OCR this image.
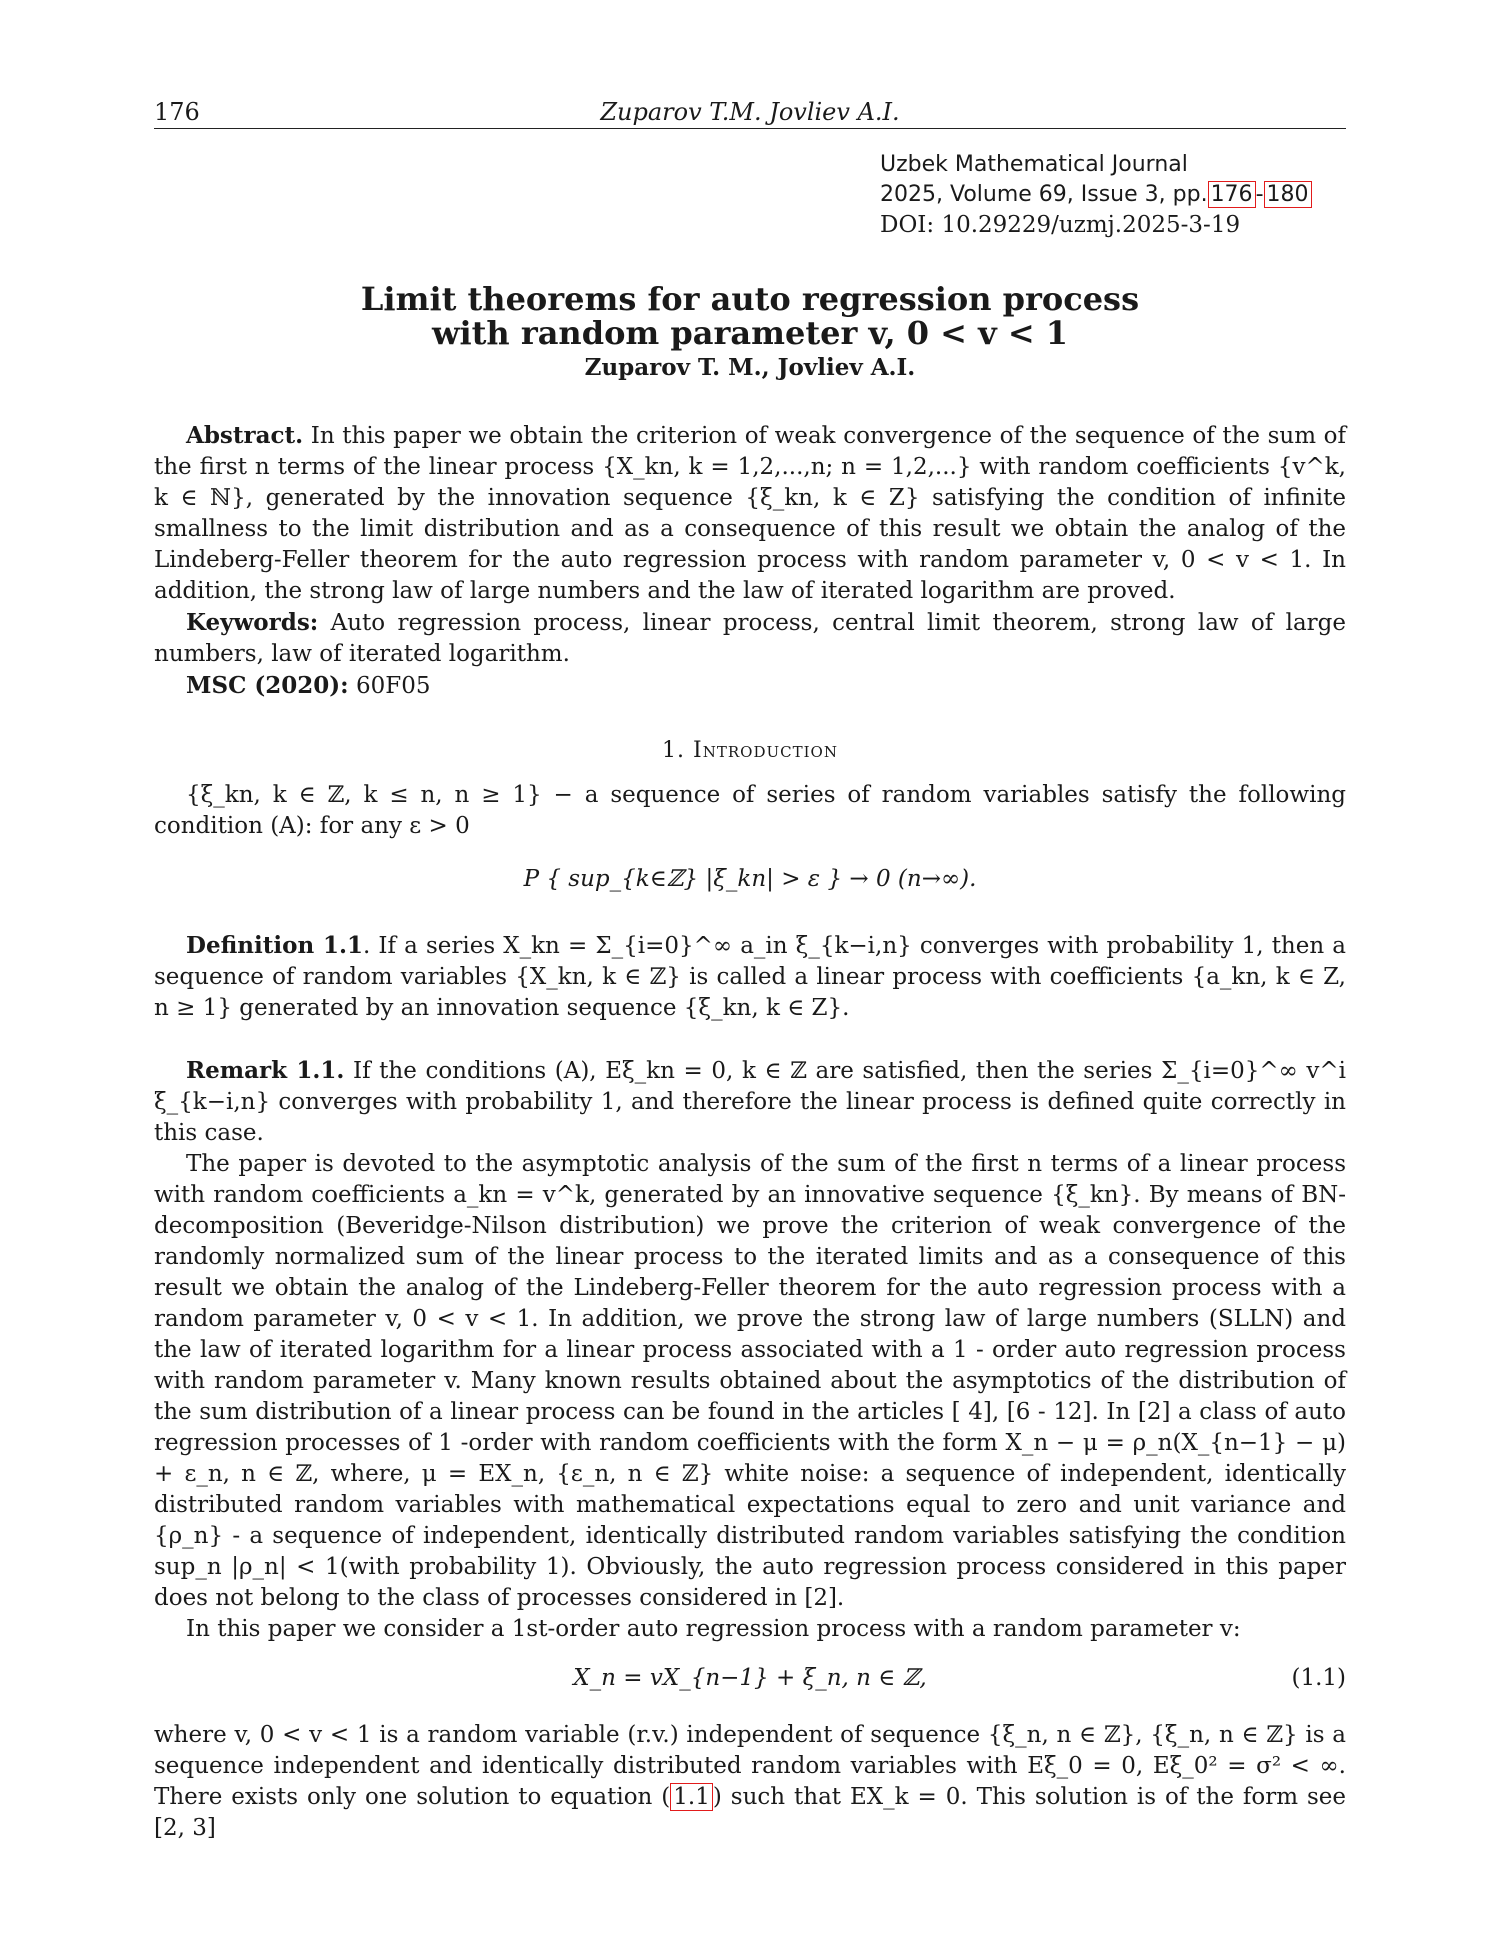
176	Zuparov T.M. Jovliev A.I.
Uzbek Mathematical Journal
2025, Volume 69, Issue 3, pp. 176 - 180
DOI: 10.29229/uzmj.2025-3-19
Limit theorems for auto regression process
with random parameter v, 0 < v < 1
Zuparov T. M., Jovliev A.I.

Abstract. In this paper we obtain the criterion of weak convergence of the sequence of the sum of the first n terms of the linear process {X_kn, k = 1,2,...,n; n = 1,2,...} with random coefficients {v^k, k ∈ ℕ}, generated by the innovation sequence {ξ_kn, k ∈ Z} satisfying the condition of infinite smallness to the limit distribution and as a consequence of this result we obtain the analog of the Lindeberg-Feller theorem for the auto regression process with random parameter v, 0 < v < 1. In addition, the strong law of large numbers and the law of iterated logarithm are proved.

Keywords: Auto regression process, linear process, central limit theorem, strong law of large numbers, law of iterated logarithm.

MSC (2020): 60F05

1. Introduction

{ξ_kn, k ∈ ℤ, k ≤ n, n ≥ 1} − a sequence of series of random variables satisfy the following condition (A): for any ε > 0

P { sup_{k∈ℤ} |ξ_kn| > ε } → 0 (n→∞).

Definition 1.1. If a series X_kn = Σ_{i=0}^∞ a_in ξ_{k−i,n} converges with probability 1, then a sequence of random variables {X_kn, k ∈ ℤ} is called a linear process with coefficients {a_kn, k ∈ Z, n ≥ 1} generated by an innovation sequence {ξ_kn, k ∈ Z}.

Remark 1.1. If the conditions (A), Eξ_kn = 0, k ∈ ℤ are satisfied, then the series Σ_{i=0}^∞ v^i ξ_{k−i,n} converges with probability 1, and therefore the linear process is defined quite correctly in this case.

The paper is devoted to the asymptotic analysis of the sum of the first n terms of a linear process with random coefficients a_kn = v^k, generated by an innovative sequence {ξ_kn}. By means of BN-decomposition (Beveridge-Nilson distribution) we prove the criterion of weak convergence of the randomly normalized sum of the linear process to the iterated limits and as a consequence of this result we obtain the analog of the Lindeberg-Feller theorem for the auto regression process with a random parameter v, 0 < v < 1. In addition, we prove the strong law of large numbers (SLLN) and the law of iterated logarithm for a linear process associated with a 1 - order auto regression process with random parameter v. Many known results obtained about the asymptotics of the distribution of the sum distribution of a linear process can be found in the articles [ 4], [6 - 12]. In [2] a class of auto regression processes of 1 -order with random coefficients with the form X_n − μ = ρ_n(X_{n−1} − μ) + ε_n, n ∈ ℤ, where, μ = EX_n, {ε_n, n ∈ ℤ} white noise: a sequence of independent, identically distributed random variables with mathematical expectations equal to zero and unit variance and {ρ_n} - a sequence of independent, identically distributed random variables satisfying the condition sup_n |ρ_n| < 1(with probability 1). Obviously, the auto regression process considered in this paper does not belong to the class of processes considered in [2].

In this paper we consider a 1st-order auto regression process with a random parameter v:

X_n = vX_{n−1} + ξ_n, n ∈ ℤ,	(1.1)

where v, 0 < v < 1 is a random variable (r.v.) independent of sequence {ξ_n, n ∈ ℤ}, {ξ_n, n ∈ ℤ} is a sequence independent and identically distributed random variables with Eξ_0 = 0, Eξ_0² = σ² < ∞. There exists only one solution to equation ( 1.1 ) such that EX_k = 0. This solution is of the form see [2, 3]
